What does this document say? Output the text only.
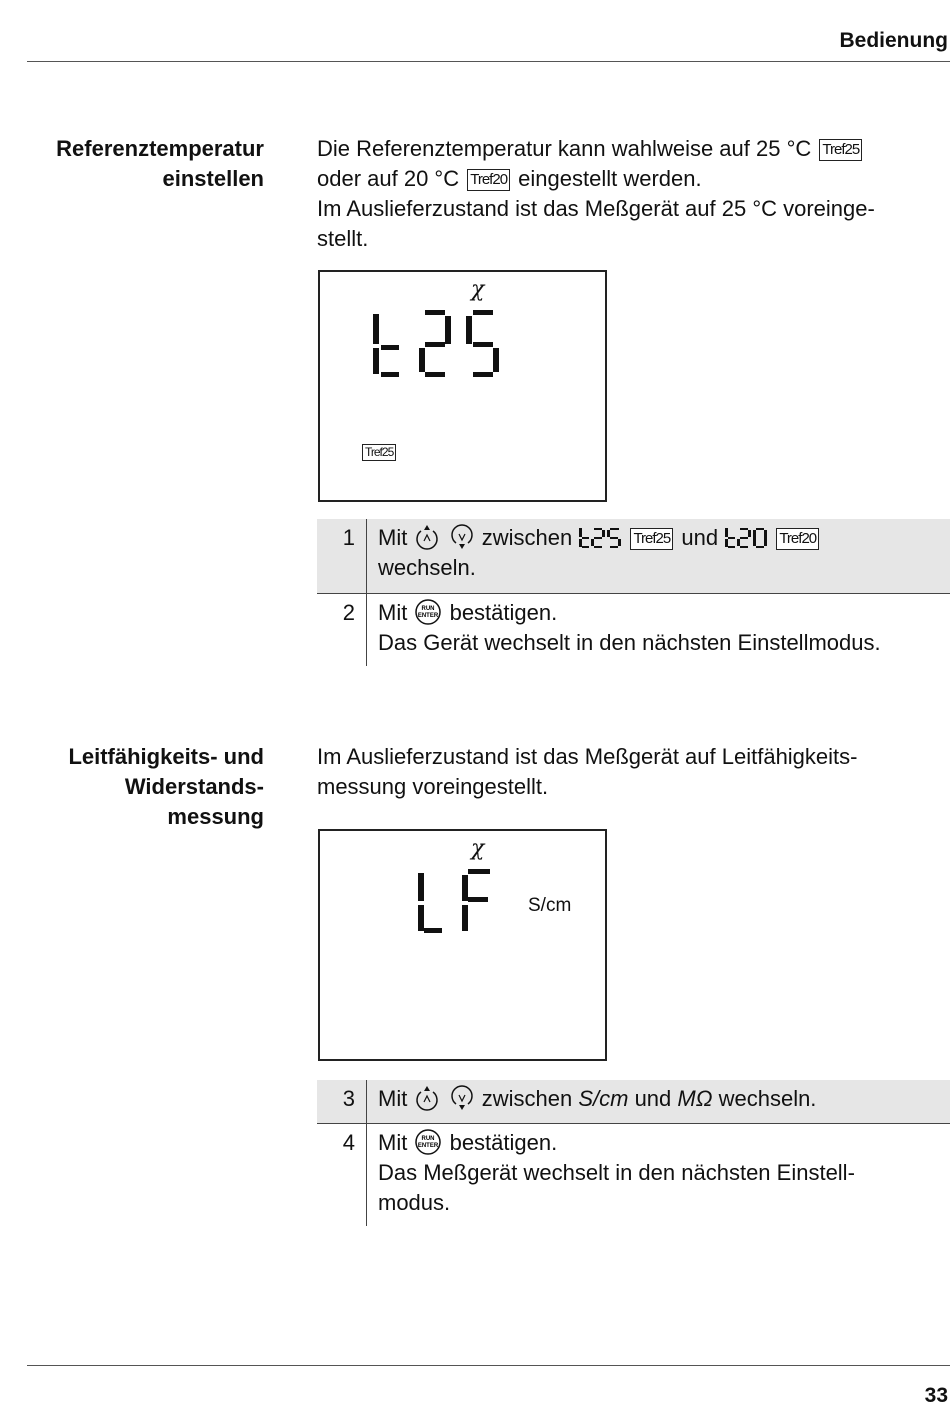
Bedienung
Referenztemperatur
einstellen
Die Referenztemperatur kann wahlweise auf 25 °C Tref25
oder auf 20 °C Tref20 eingestellt werden.
Im Auslieferzustand ist das Meßgerät auf 25 °C voreinge-
stellt.
χ
Tref25
1 Mit	zwischen	Tref25 und	Tref20
wechseln.
2 Mit RUN
ENTER bestätigen.
Das Gerät wechselt in den nächsten Einstellmodus.
Leitfähigkeits- und
Widerstands-
messung
Im Auslieferzustand ist das Meßgerät auf Leitfähigkeits-
messung voreingestellt.
χ
S/cm
3 Mit	zwischen S/cm und MΩ wechseln.
4 Mit RUN
ENTER bestätigen.
Das Meßgerät wechselt in den nächsten Einstell-
modus.
33
